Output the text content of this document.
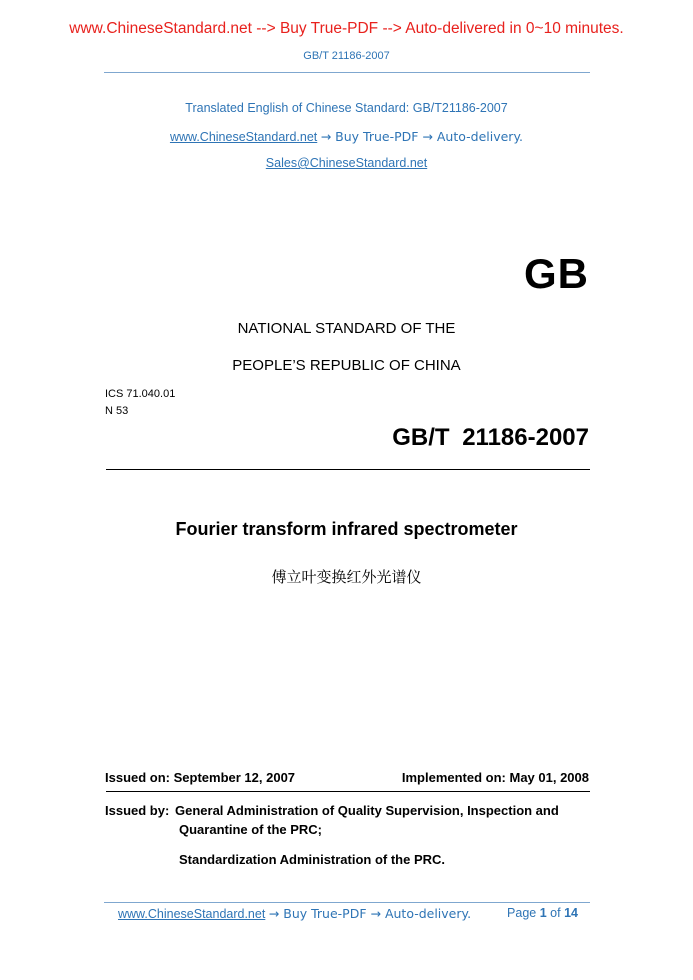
www.ChineseStandard.net --> Buy True-PDF --> Auto-delivered in 0~10 minutes.
GB/T 21186-2007
Translated English of Chinese Standard: GB/T21186-2007
www.ChineseStandard.net → Buy True-PDF → Auto-delivery.
Sales@ChineseStandard.net
GB
NATIONAL STANDARD OF THE
PEOPLE’S REPUBLIC OF CHINA
ICS 71.040.01
N 53
GB/T 21186-2007
Fourier transform infrared spectrometer
傅立叶变换红外光谱仪
Issued on: September 12, 2007	Implemented on: May 01, 2008
Issued by: General Administration of Quality Supervision, Inspection and
Quarantine of the PRC;
Standardization Administration of the PRC.
www.ChineseStandard.net → Buy True-PDF → Auto-delivery.	Page 1 of 14
